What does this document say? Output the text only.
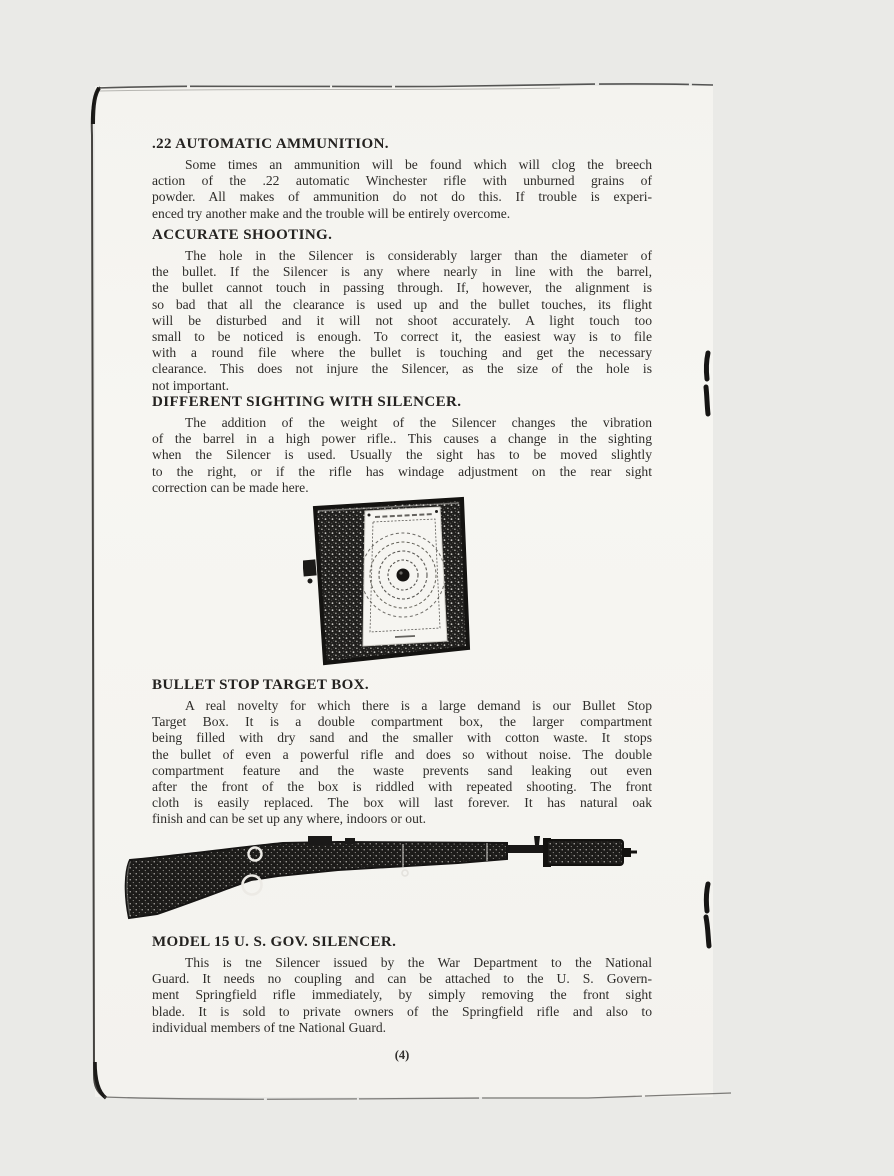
.22 AUTOMATIC AMMUNITION.
Some times an ammunition will be found which will clog the breech
action of the .22 automatic Winchester rifle with unburned grains of
powder. All makes of ammunition do not do this. If trouble is experi-
enced try another make and the trouble will be entirely overcome.
ACCURATE SHOOTING.
The hole in the Silencer is considerably larger than the diameter of
the bullet. If the Silencer is any where nearly in line with the barrel,
the bullet cannot touch in passing through. If, however, the alignment is
so bad that all the clearance is used up and the bullet touches, its flight
will be disturbed and it will not shoot accurately. A light touch too
small to be noticed is enough. To correct it, the easiest way is to file
with a round file where the bullet is touching and get the necessary
clearance. This does not injure the Silencer, as the size of the hole is
not important.
DIFFERENT SIGHTING WITH SILENCER.
The addition of the weight of the Silencer changes the vibration
of the barrel in a high power rifle.. This causes a change in the sighting
when the Silencer is used. Usually the sight has to be moved slightly
to the right, or if the rifle has windage adjustment on the rear sight
correction can be made here.
BULLET STOP TARGET BOX.
A real novelty for which there is a large demand is our Bullet Stop
Target Box. It is a double compartment box, the larger compartment
being filled with dry sand and the smaller with cotton waste. It stops
the bullet of even a powerful rifle and does so without noise. The double
compartment feature and the waste prevents sand leaking out even
after the front of the box is riddled with repeated shooting. The front
cloth is easily replaced. The box will last forever. It has natural oak
finish and can be set up any where, indoors or out.
MODEL 15 U. S. GOV. SILENCER.
This is tne Silencer issued by the War Department to the National
Guard. It needs no coupling and can be attached to the U. S. Govern-
ment Springfield rifle immediately, by simply removing the front sight
blade. It is sold to private owners of the Springfield rifle and also to
individual members of tne National Guard.
(4)
